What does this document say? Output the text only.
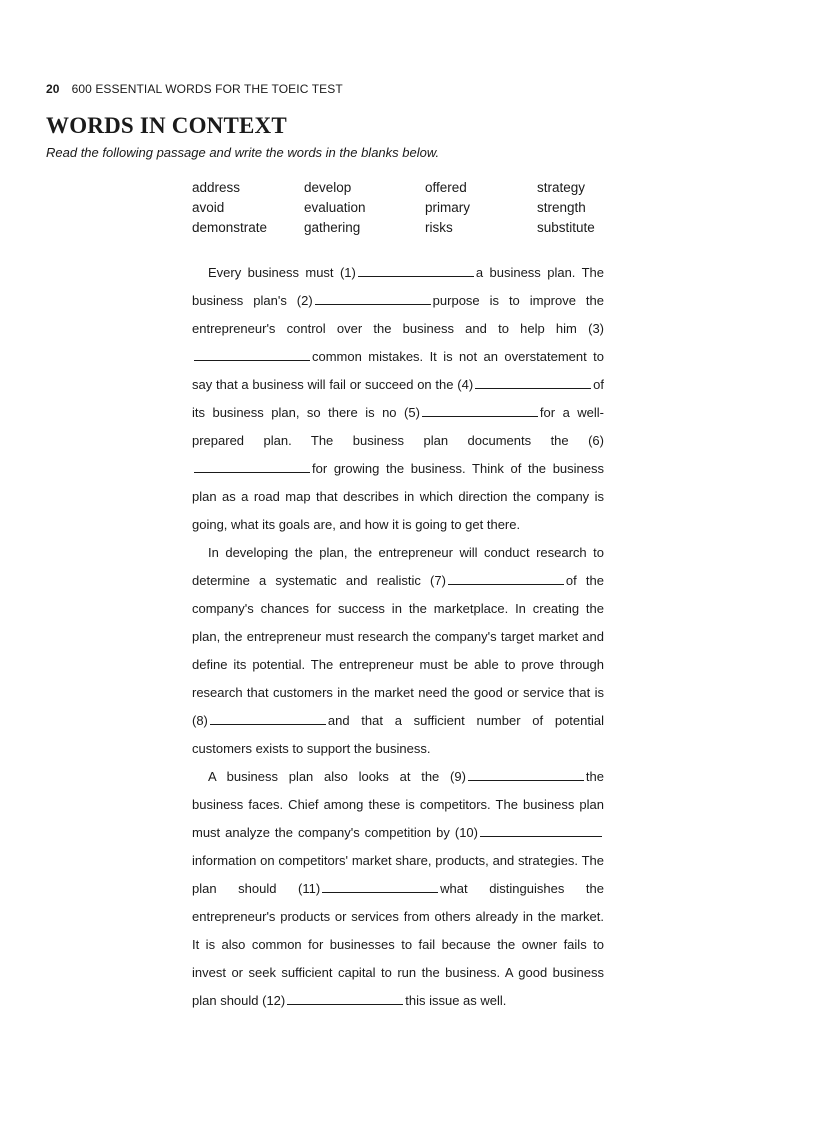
20 600 ESSENTIAL WORDS FOR THE TOEIC TEST
WORDS IN CONTEXT
Read the following passage and write the words in the blanks below.
address	develop	offered	strategy
avoid	evaluation	primary	strength
demonstrate	gathering	risks	substitute

Every business must (1)	a business plan. The business plan's (2)	purpose is to improve the entrepreneur's control over the business and to help him (3)common mistakes. It is not an overstatement to say that a business will fail or succeed on the (4)	of its business plan, so there is no (5)	for a well-prepared plan. The business plan documents the (6)for growing the business. Think of the business plan as a road map that describes in which direction the company is going, what its goals are, and how it is going to get there.

In developing the plan, the entrepreneur will conduct research to determine a systematic and realistic (7)	of the company's chances for success in the marketplace. In creating the plan, the entrepreneur must research the company's target market and define its potential. The entrepreneur must be able to prove through research that customers in the market need the good or service that is (8)	and that a sufficient number of potential customers exists to support the business.

A business plan also looks at the (9)	the business faces. Chief among these is competitors. The business plan must analyze the company's competition by (10)information on competitors' market share, products, and strategies. The plan should (11)	what distinguishes the entrepreneur's products or services from others already in the market. It is also common for businesses to fail because the owner fails to invest or seek sufficient capital to run the business. A good business plan should (12)	this issue as well.
